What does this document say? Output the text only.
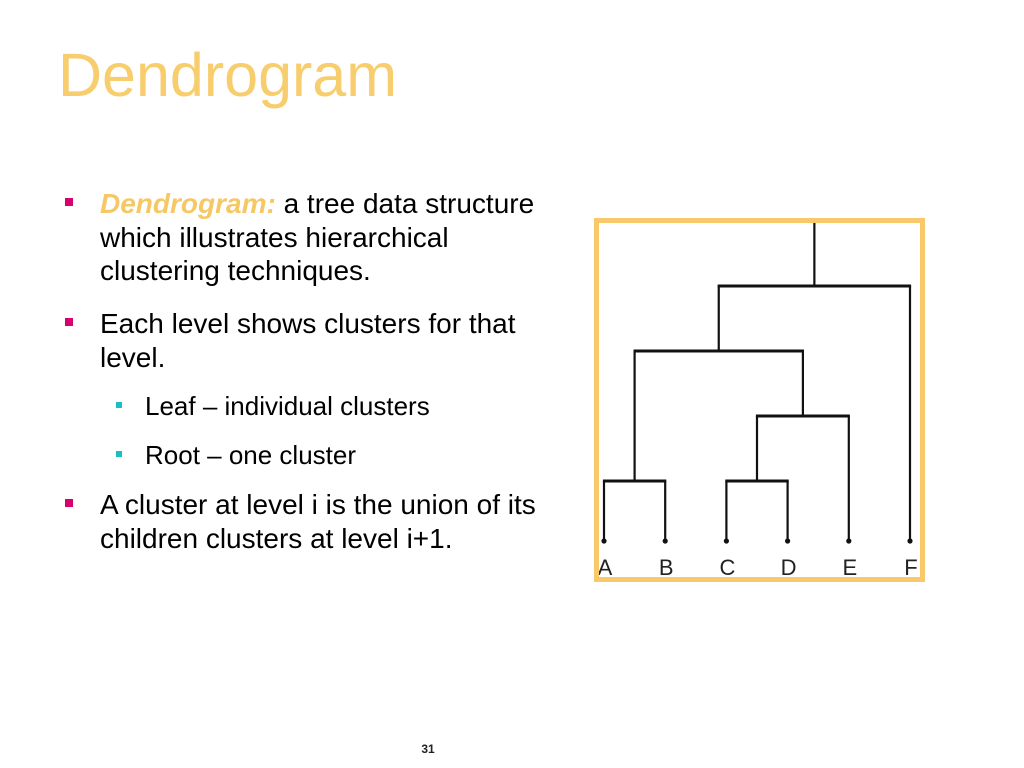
Dendrogram
Dendrogram: a tree data structure which illustrates hierarchical clustering techniques.
Each level shows clusters for that level.
Leaf – individual clusters
Root – one cluster
A cluster at level i is the union of its children clusters at level i+1.
A B C D E F
31
